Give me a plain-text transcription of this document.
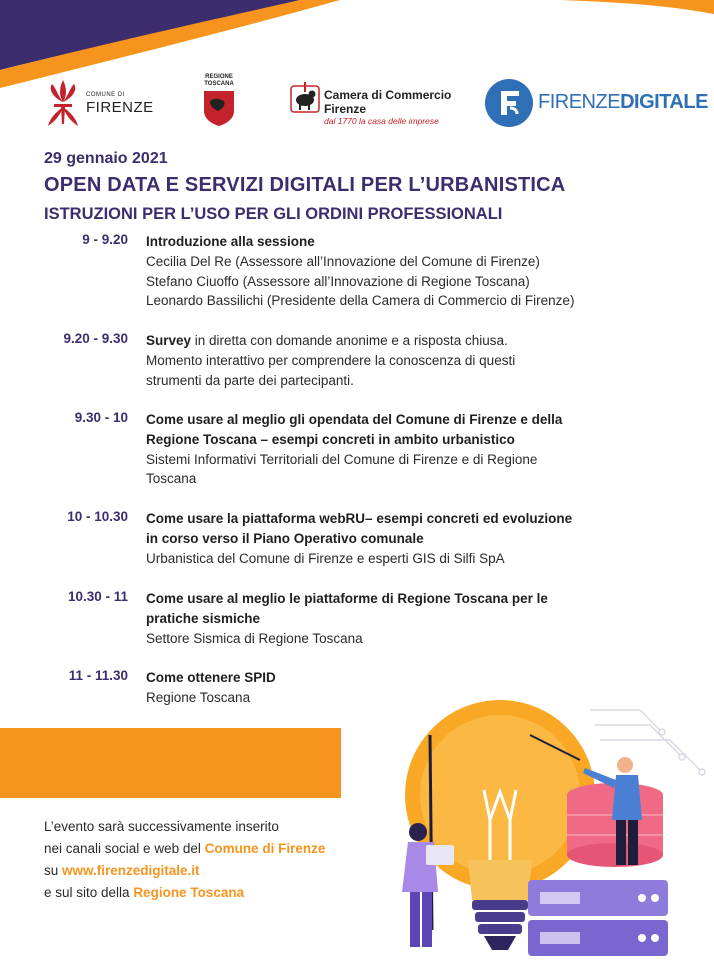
COMUNE DI
FIRENZE
REGIONE
TOSCANA
Camera di Commercio
Firenze
dal 1770 la casa delle imprese
FIRENZEDIGITALE
29 gennaio 2021
OPEN DATA E SERVIZI DIGITALI PER L’URBANISTICA
ISTRUZIONI PER L’USO PER GLI ORDINI PROFESSIONALI
9 - 9.20 Introduzione alla sessione
Cecilia Del Re (Assessore all’Innovazione del Comune di Firenze)
Stefano Ciuoffo (Assessore all’Innovazione di Regione Toscana)
Leonardo Bassilichi (Presidente della Camera di Commercio di Firenze)
9.20 - 9.30 Survey in diretta con domande anonime e a risposta chiusa.
Momento interattivo per comprendere la conoscenza di questi
strumenti da parte dei partecipanti.
9.30 - 10 Come usare al meglio gli opendata del Comune di Firenze e della
Regione Toscana – esempi concreti in ambito urbanistico
Sistemi Informativi Territoriali del Comune di Firenze e di Regione
Toscana
10 - 10.30 Come usare la piattaforma webRU– esempi concreti ed evoluzione
in corso verso il Piano Operativo comunale
Urbanistica del Comune di Firenze e esperti GIS di Silfi SpA
10.30 - 11 Come usare al meglio le piattaforme di Regione Toscana per le
pratiche sismiche
Settore Sismica di Regione Toscana
11 - 11.30 Come ottenere SPID
Regione Toscana
L’evento sarà successivamente inserito
nei canali social e web del Comune di Firenze
su www.firenzedigitale.it
e sul sito della Regione Toscana
